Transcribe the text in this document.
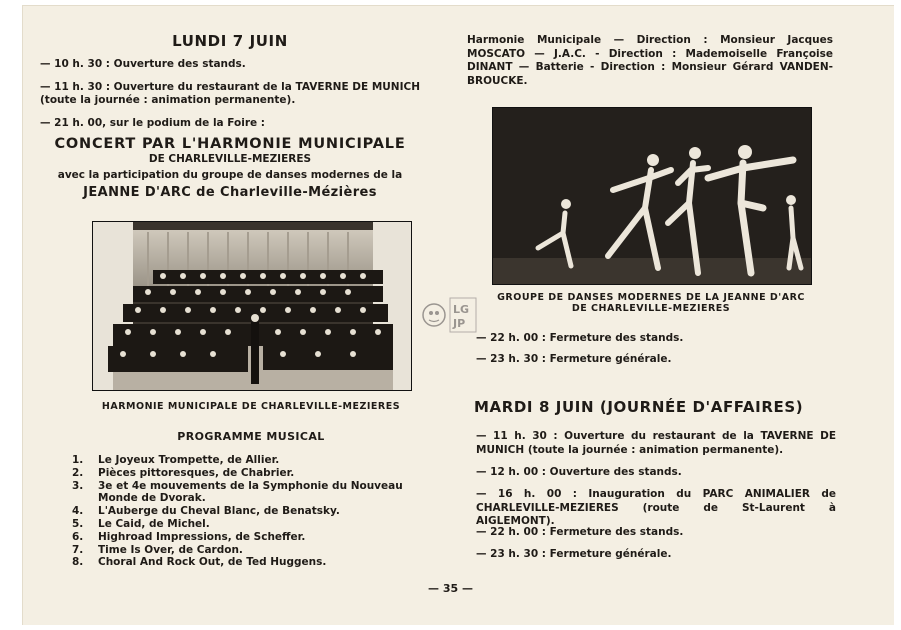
LUNDI 7 JUIN

— 10 h. 30 : Ouverture des stands.

— 11 h. 30 : Ouverture du restaurant de la TAVERNE DE MUNICH (toute la journée : animation permanente).

— 21 h. 00, sur le podium de la Foire :

CONCERT PAR L'HARMONIE MUNICIPALE

DE CHARLEVILLE-MEZIERES

avec la participation du groupe de danses modernes de la

JEANNE D'ARC de Charleville-Mézières

HARMONIE MUNICIPALE DE CHARLEVILLE-MEZIERES

PROGRAMME MUSICAL

1.	Le Joyeux Trompette, de Allier.
2.	Pièces pittoresques, de Chabrier.
3.	3e et 4e mouvements de la Symphonie du Nouveau Monde de Dvorak.
4.	L'Auberge du Cheval Blanc, de Benatsky.
5.	Le Caid, de Michel.
6.	Highroad Impressions, de Scheffer.
7.	Time Is Over, de Cardon.
8.	Choral And Rock Out, de Ted Huggens.

Harmonie Municipale — Direction : Monsieur Jacques MOSCATO — J.A.C. - Direction : Mademoiselle Françoise DINANT — Batterie - Direction : Monsieur Gérard VANDEN-BROUCKE.

GROUPE DE DANSES MODERNES DE LA JEANNE D'ARC

DE CHARLEVILLE-MEZIERES

— 22 h. 00 : Fermeture des stands.

— 23 h. 30 : Fermeture générale.

MARDI 8 JUIN (JOURNÉE D'AFFAIRES)

— 11 h. 30 : Ouverture du restaurant de la TAVERNE DE MUNICH (toute la journée : animation permanente).

— 12 h. 00 : Ouverture des stands.

— 16 h. 00 : Inauguration du PARC ANIMALIER de CHARLEVILLE-MEZIERES (route de St-Laurent à AIGLEMONT).

— 22 h. 00 : Fermeture des stands.

— 23 h. 30 : Fermeture générale.

LG
JP
— 35 —
